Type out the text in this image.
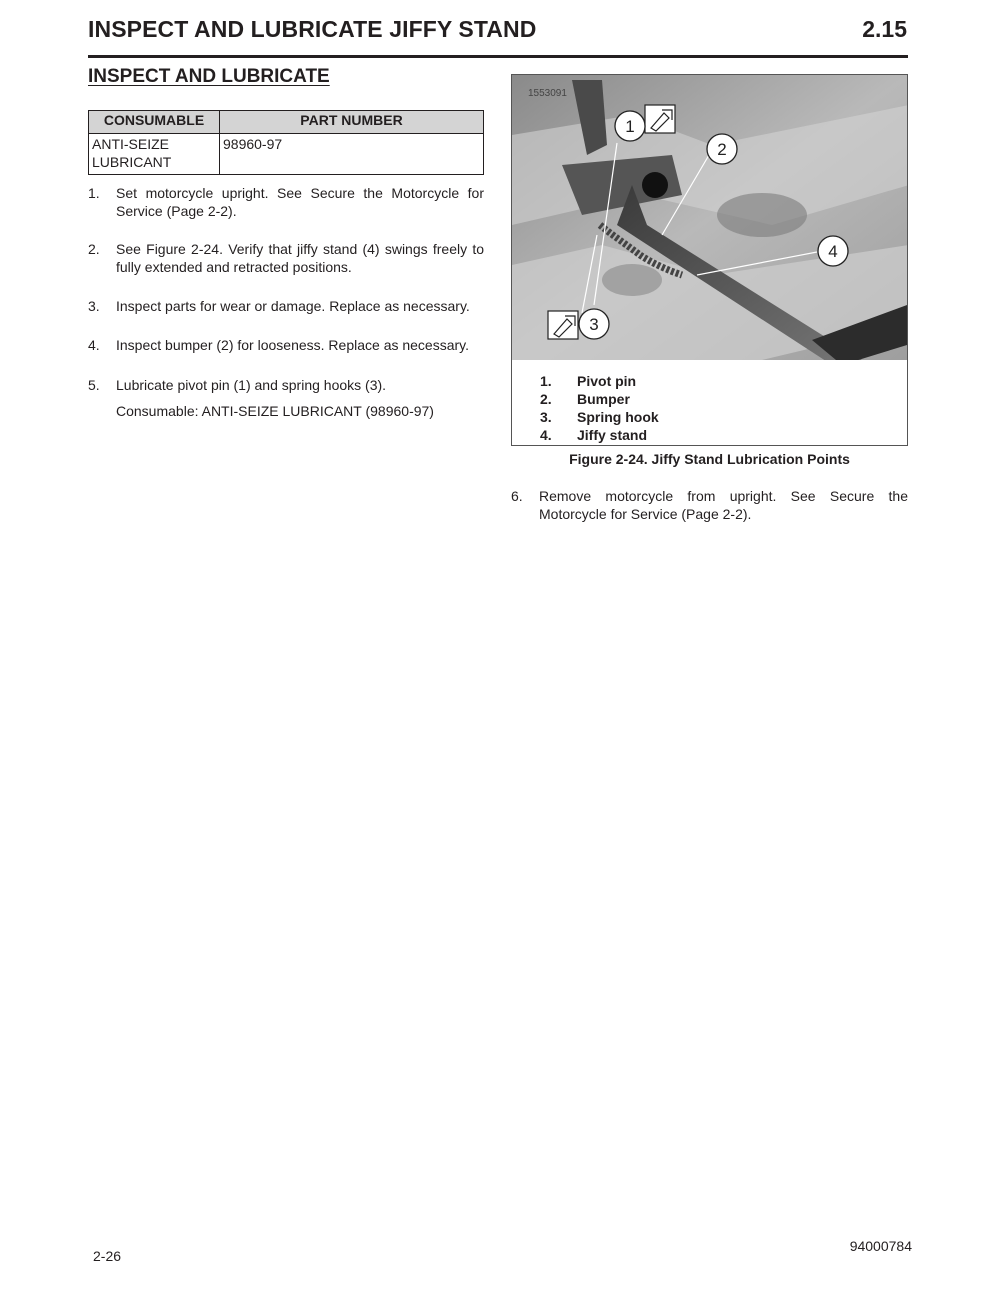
INSPECT AND LUBRICATE JIFFY STAND	2.15
INSPECT AND LUBRICATE
CONSUMABLE	PART NUMBER
ANTI-SEIZE LUBRICANT	98960-97
1. Set motorcycle upright. See Secure the Motorcycle for Service (Page 2-2).
2. See Figure 2-24. Verify that jiffy stand (4) swings freely to fully extended and retracted positions.
3. Inspect parts for wear or damage. Replace as necessary.
4. Inspect bumper (2) for looseness. Replace as necessary.
5. Lubricate pivot pin (1) and spring hooks (3).
Consumable: ANTI-SEIZE LUBRICANT (98960-97)
1
2
4
3
1553091
1. Pivot pin
2. Bumper
3. Spring hook
4. Jiffy stand
Figure 2-24. Jiffy Stand Lubrication Points
6. Remove motorcycle from upright. See Secure the Motorcycle for Service (Page 2-2).
2-26
94000784
